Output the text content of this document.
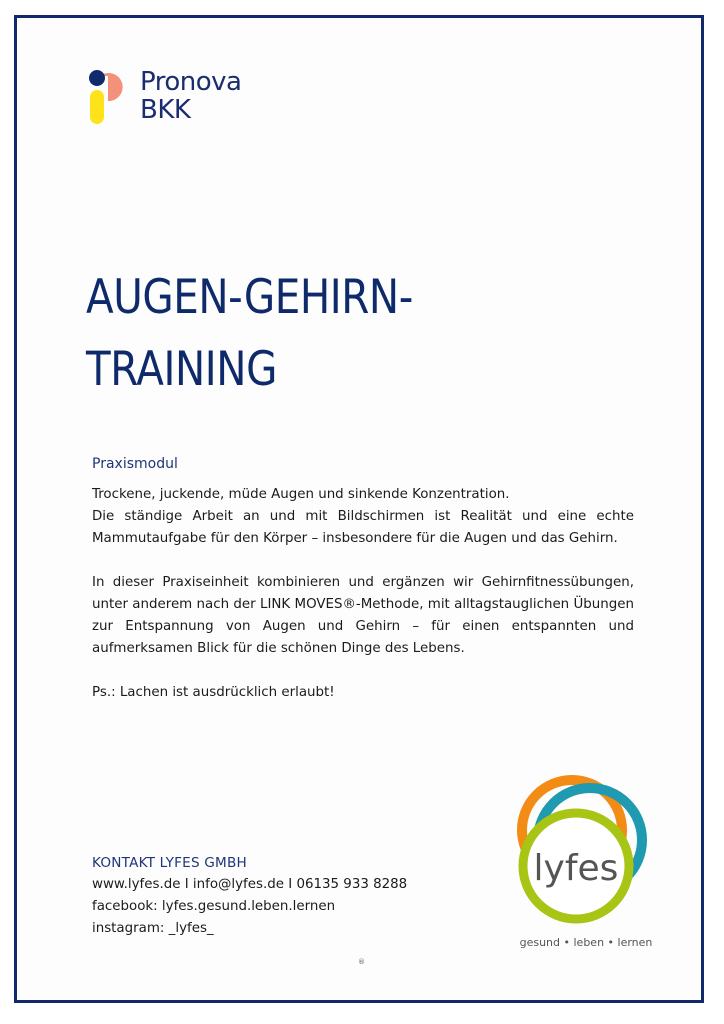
Pronova
BKK
AUGEN-GEHIRN-
TRAINING
Praxismodul

Trockene, juckende, müde Augen und sinkende Konzentration.

Die ständige Arbeit an und mit Bildschirmen ist Realität und eine echte Mammutaufgabe für den Körper – insbesondere für die Augen und das Gehirn.

In dieser Praxiseinheit kombinieren und ergänzen wir Gehirnfitnessübungen, unter anderem nach der LINK MOVES®-Methode, mit alltagstauglichen Übungen zur Entspannung von Augen und Gehirn – für einen entspannten und aufmerksamen Blick für die schönen Dinge des Lebens.

Ps.: Lachen ist ausdrücklich erlaubt!

KONTAKT LYFES GMBH
www.lyfes.de I info@lyfes.de I 06135 933 8288
facebook: lyfes.gesund.leben.lernen
instagram: _lyfes_
lyfes
gesund • leben • lernen
®
